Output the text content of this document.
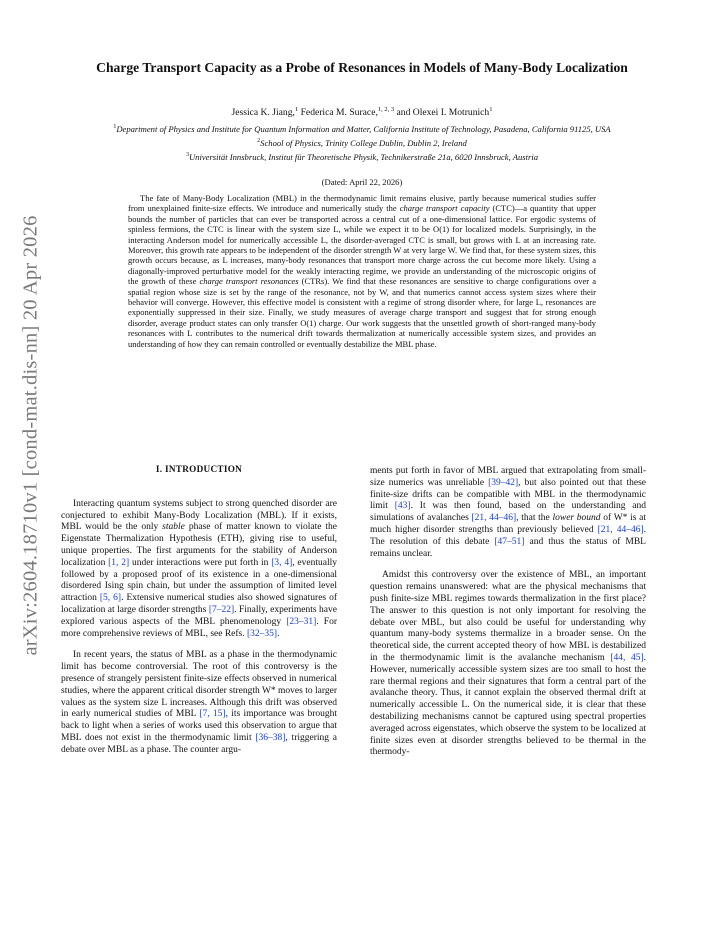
arXiv:2604.18710v1 [cond-mat.dis-nn] 20 Apr 2026
Charge Transport Capacity as a Probe of Resonances in Models of Many-Body Localization
Jessica K. Jiang,$^1$ Federica M. Surace,$^{1, 2, 3}$ and Olexei I. Motrunich$^1$
$^1$Department of Physics and Institute for Quantum Information and Matter, California Institute of Technology, Pasadena, California 91125, USA
$^2$School of Physics, Trinity College Dublin, Dublin 2, Ireland
$^3$Universität Innsbruck, Institut für Theoretische Physik, Technikerstraße 21a, 6020 Innsbruck, Austria
(Dated: April 22, 2026)

The fate of Many-Body Localization (MBL) in the thermodynamic limit remains elusive, partly because numerical studies suffer from unexplained finite-size effects. We introduce and numerically study the charge transport capacity (CTC)—a quantity that upper bounds the number of particles that can ever be transported across a central cut of a one-dimensional lattice. For ergodic systems of spinless fermions, the CTC is linear with the system size L, while we expect it to be O(1) for localized models. Surprisingly, in the interacting Anderson model for numerically accessible L, the disorder-averaged CTC is small, but grows with L at an increasing rate. Moreover, this growth rate appears to be independent of the disorder strength W at very large W. We find that, for these system sizes, this growth occurs because, as L increases, many-body resonances that transport more charge across the cut become more likely. Using a diagonally-improved perturbative model for the weakly interacting regime, we provide an understanding of the microscopic origins of the growth of these charge transport resonances (CTRs). We find that these resonances are sensitive to charge configurations over a spatial region whose size is set by the range of the resonance, not by W, and that numerics cannot access system sizes where their behavior will converge. However, this effective model is consistent with a regime of strong disorder where, for large L, resonances are exponentially suppressed in their size. Finally, we study measures of average charge transport and suggest that for strong enough disorder, average product states can only transfer O(1) charge. Our work suggests that the unsettled growth of short-ranged many-body resonances with L contributes to the numerical drift towards thermalization at numerically accessible system sizes, and provides an understanding of how they can remain controlled or eventually destabilize the MBL phase.

I. INTRODUCTION

Interacting quantum systems subject to strong quenched disorder are conjectured to exhibit Many-Body Localization (MBL). If it exists, MBL would be the only stable phase of matter known to violate the Eigenstate Thermalization Hypothesis (ETH), giving rise to useful, unique properties. The first arguments for the stability of Anderson localization [1, 2] under interactions were put forth in [3, 4], eventually followed by a proposed proof of its existence in a one-dimensional disordered Ising spin chain, but under the assumption of limited level attraction [5, 6]. Extensive numerical studies also showed signatures of localization at large disorder strengths [7–22]. Finally, experiments have explored various aspects of the MBL phenomenology [23–31]. For more comprehensive reviews of MBL, see Refs. [32–35].

In recent years, the status of MBL as a phase in the thermodynamic limit has become controversial. The root of this controversy is the presence of strangely persistent finite-size effects observed in numerical studies, where the apparent critical disorder strength W* moves to larger values as the system size L increases. Although this drift was observed in early numerical studies of MBL [7, 15], its importance was brought back to light when a series of works used this observation to argue that MBL does not exist in the thermodynamic limit [36–38], triggering a debate over MBL as a phase. The counter argu-

ments put forth in favor of MBL argued that extrapolating from small-size numerics was unreliable [39–42], but also pointed out that these finite-size drifts can be compatible with MBL in the thermodynamic limit [43]. It was then found, based on the understanding and simulations of avalanches [21, 44–46], that the lower bound of W* is at much higher disorder strengths than previously believed [21, 44–46]. The resolution of this debate [47–51] and thus the status of MBL remains unclear.

Amidst this controversy over the existence of MBL, an important question remains unanswered: what are the physical mechanisms that push finite-size MBL regimes towards thermalization in the first place? The answer to this question is not only important for resolving the debate over MBL, but also could be useful for understanding why quantum many-body systems thermalize in a broader sense. On the theoretical side, the current accepted theory of how MBL is destabilized in the thermodynamic limit is the avalanche mechanism [44, 45]. However, numerically accessible system sizes are too small to host the rare thermal regions and their signatures that form a central part of the avalanche theory. Thus, it cannot explain the observed thermal drift at numerically accessible L. On the numerical side, it is clear that these destabilizing mechanisms cannot be captured using spectral properties averaged across eigenstates, which observe the system to be localized at finite sizes even at disorder strengths believed to be thermal in the thermody-
